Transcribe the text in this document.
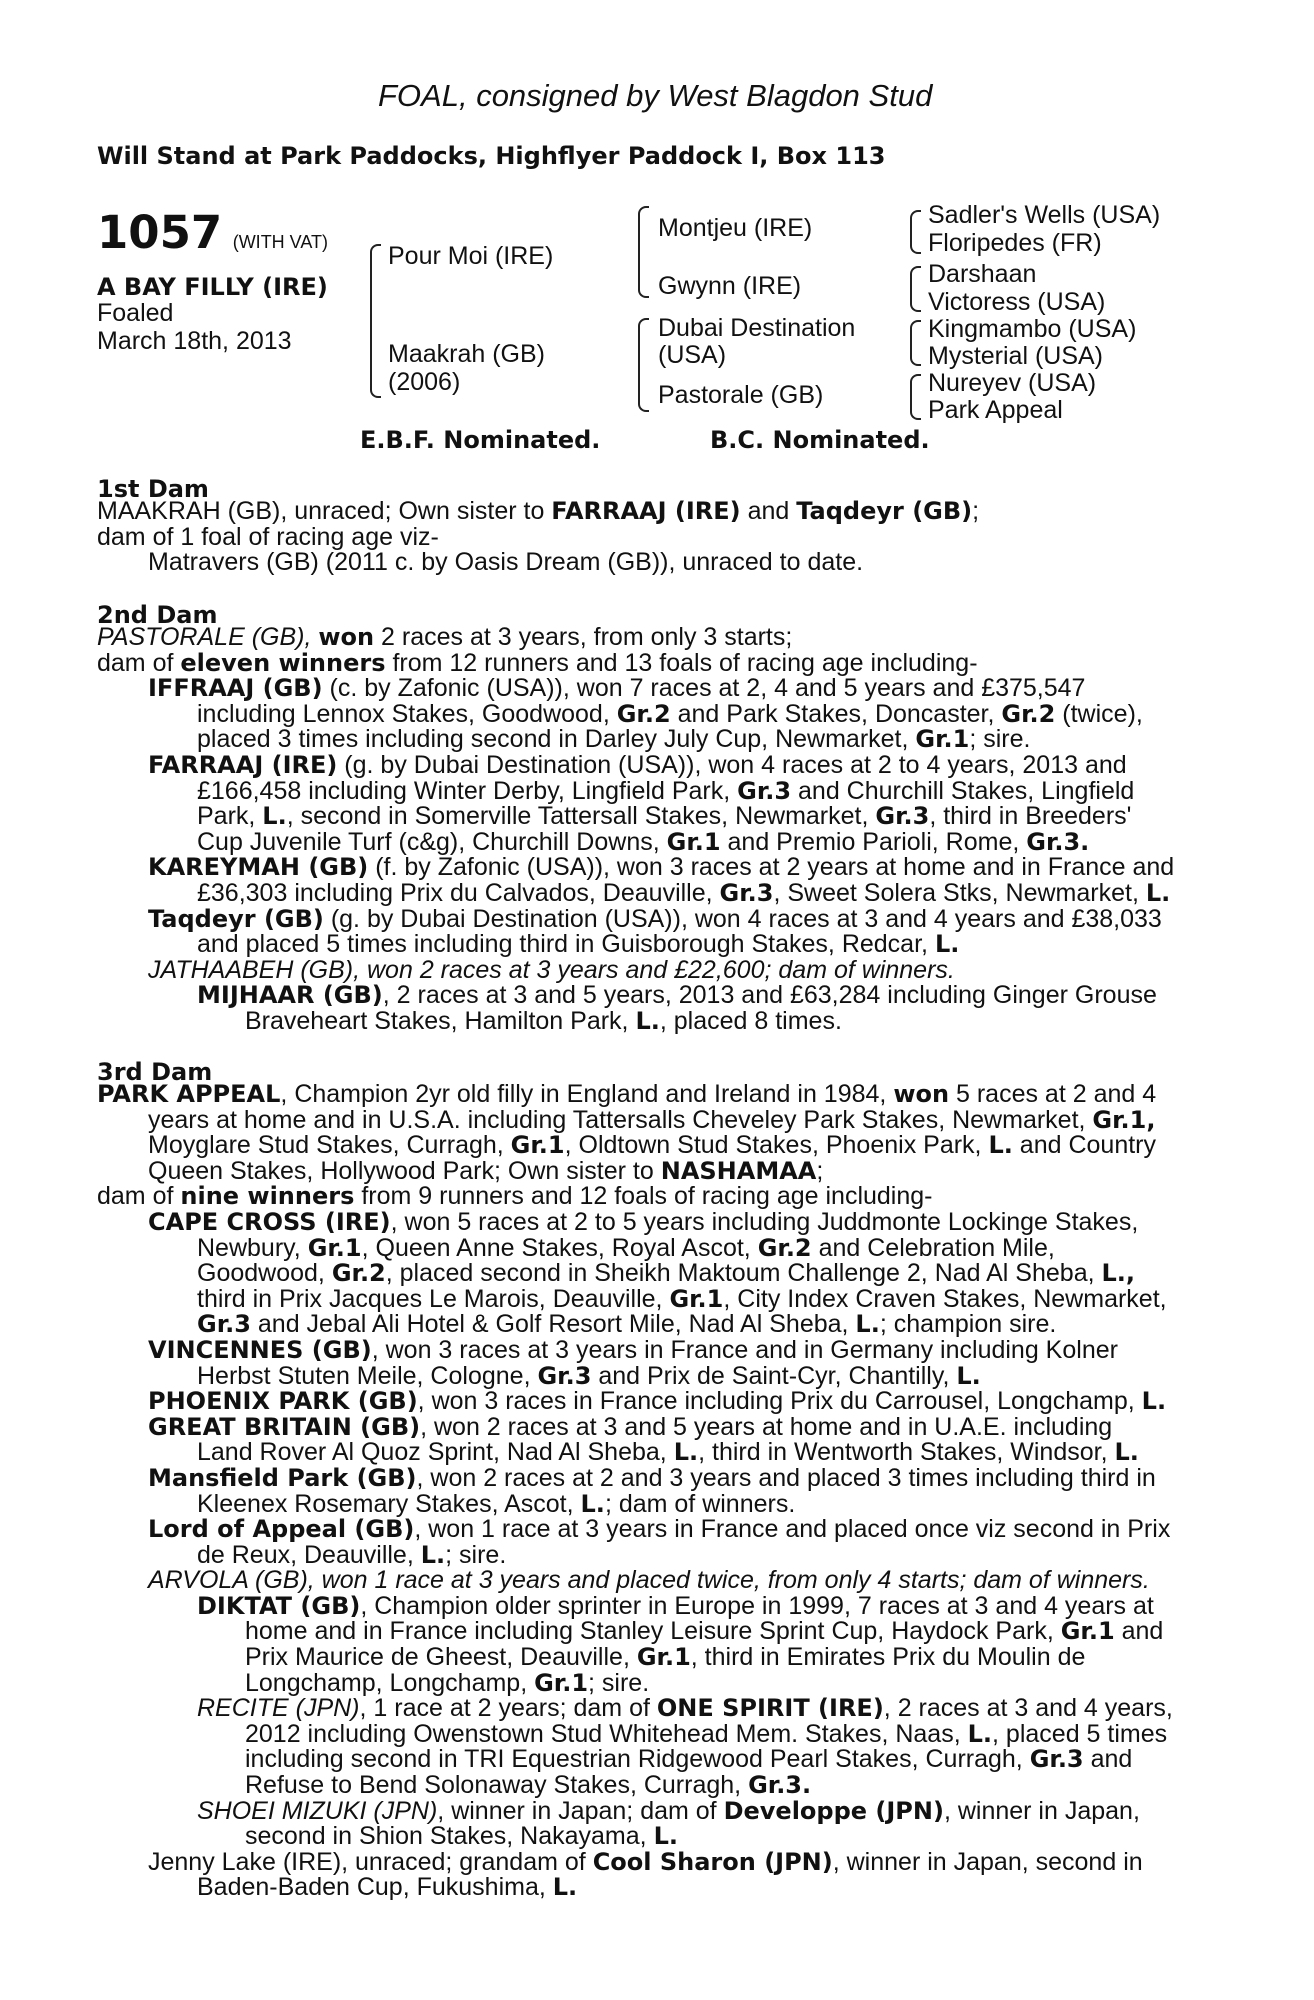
FOAL, consigned by West Blagdon Stud
Will Stand at Park Paddocks, Highflyer Paddock I, Box 113
1057 (WITH VAT)
A BAY FILLY (IRE)
Foaled
March 18th, 2013
Pour Moi (IRE)
Maakrah (GB)
(2006)
Montjeu (IRE)
Gwynn (IRE)
Dubai Destination
(USA)
Pastorale (GB)
Sadler's Wells (USA)
Floripedes (FR)
Darshaan
Victoress (USA)
Kingmambo (USA)
Mysterial (USA)
Nureyev (USA)
Park Appeal
E.B.F. Nominated.	B.C. Nominated.
1st Dam
MAAKRAH (GB), unraced; Own sister to FARRAAJ (IRE) and Taqdeyr (GB);
dam of 1 foal of racing age viz-
Matravers (GB) (2011 c. by Oasis Dream (GB)), unraced to date.
2nd Dam
PASTORALE (GB), won 2 races at 3 years, from only 3 starts;
dam of eleven winners from 12 runners and 13 foals of racing age including-
IFFRAAJ (GB) (c. by Zafonic (USA)), won 7 races at 2, 4 and 5 years and £375,547
including Lennox Stakes, Goodwood, Gr.2 and Park Stakes, Doncaster, Gr.2 (twice),
placed 3 times including second in Darley July Cup, Newmarket, Gr.1; sire.
FARRAAJ (IRE) (g. by Dubai Destination (USA)), won 4 races at 2 to 4 years, 2013 and
£166,458 including Winter Derby, Lingfield Park, Gr.3 and Churchill Stakes, Lingfield
Park, L., second in Somerville Tattersall Stakes, Newmarket, Gr.3, third in Breeders'
Cup Juvenile Turf (c&g), Churchill Downs, Gr.1 and Premio Parioli, Rome, Gr.3.
KAREYMAH (GB) (f. by Zafonic (USA)), won 3 races at 2 years at home and in France and
£36,303 including Prix du Calvados, Deauville, Gr.3, Sweet Solera Stks, Newmarket, L.
Taqdeyr (GB) (g. by Dubai Destination (USA)), won 4 races at 3 and 4 years and £38,033
and placed 5 times including third in Guisborough Stakes, Redcar, L.
JATHAABEH (GB), won 2 races at 3 years and £22,600; dam of winners.
MIJHAAR (GB), 2 races at 3 and 5 years, 2013 and £63,284 including Ginger Grouse
Braveheart Stakes, Hamilton Park, L., placed 8 times.
3rd Dam
PARK APPEAL, Champion 2yr old filly in England and Ireland in 1984, won 5 races at 2 and 4
years at home and in U.S.A. including Tattersalls Cheveley Park Stakes, Newmarket, Gr.1,
Moyglare Stud Stakes, Curragh, Gr.1, Oldtown Stud Stakes, Phoenix Park, L. and Country
Queen Stakes, Hollywood Park; Own sister to NASHAMAA;
dam of nine winners from 9 runners and 12 foals of racing age including-
CAPE CROSS (IRE), won 5 races at 2 to 5 years including Juddmonte Lockinge Stakes,
Newbury, Gr.1, Queen Anne Stakes, Royal Ascot, Gr.2 and Celebration Mile,
Goodwood, Gr.2, placed second in Sheikh Maktoum Challenge 2, Nad Al Sheba, L.,
third in Prix Jacques Le Marois, Deauville, Gr.1, City Index Craven Stakes, Newmarket,
Gr.3 and Jebal Ali Hotel & Golf Resort Mile, Nad Al Sheba, L.; champion sire.
VINCENNES (GB), won 3 races at 3 years in France and in Germany including Kolner
Herbst Stuten Meile, Cologne, Gr.3 and Prix de Saint-Cyr, Chantilly, L.
PHOENIX PARK (GB), won 3 races in France including Prix du Carrousel, Longchamp, L.
GREAT BRITAIN (GB), won 2 races at 3 and 5 years at home and in U.A.E. including
Land Rover Al Quoz Sprint, Nad Al Sheba, L., third in Wentworth Stakes, Windsor, L.
Mansfield Park (GB), won 2 races at 2 and 3 years and placed 3 times including third in
Kleenex Rosemary Stakes, Ascot, L.; dam of winners.
Lord of Appeal (GB), won 1 race at 3 years in France and placed once viz second in Prix
de Reux, Deauville, L.; sire.
ARVOLA (GB), won 1 race at 3 years and placed twice, from only 4 starts; dam of winners.
DIKTAT (GB), Champion older sprinter in Europe in 1999, 7 races at 3 and 4 years at
home and in France including Stanley Leisure Sprint Cup, Haydock Park, Gr.1 and
Prix Maurice de Gheest, Deauville, Gr.1, third in Emirates Prix du Moulin de
Longchamp, Longchamp, Gr.1; sire.
RECITE (JPN), 1 race at 2 years; dam of ONE SPIRIT (IRE), 2 races at 3 and 4 years,
2012 including Owenstown Stud Whitehead Mem. Stakes, Naas, L., placed 5 times
including second in TRI Equestrian Ridgewood Pearl Stakes, Curragh, Gr.3 and
Refuse to Bend Solonaway Stakes, Curragh, Gr.3.
SHOEI MIZUKI (JPN), winner in Japan; dam of Developpe (JPN), winner in Japan,
second in Shion Stakes, Nakayama, L.
Jenny Lake (IRE), unraced; grandam of Cool Sharon (JPN), winner in Japan, second in
Baden-Baden Cup, Fukushima, L.
